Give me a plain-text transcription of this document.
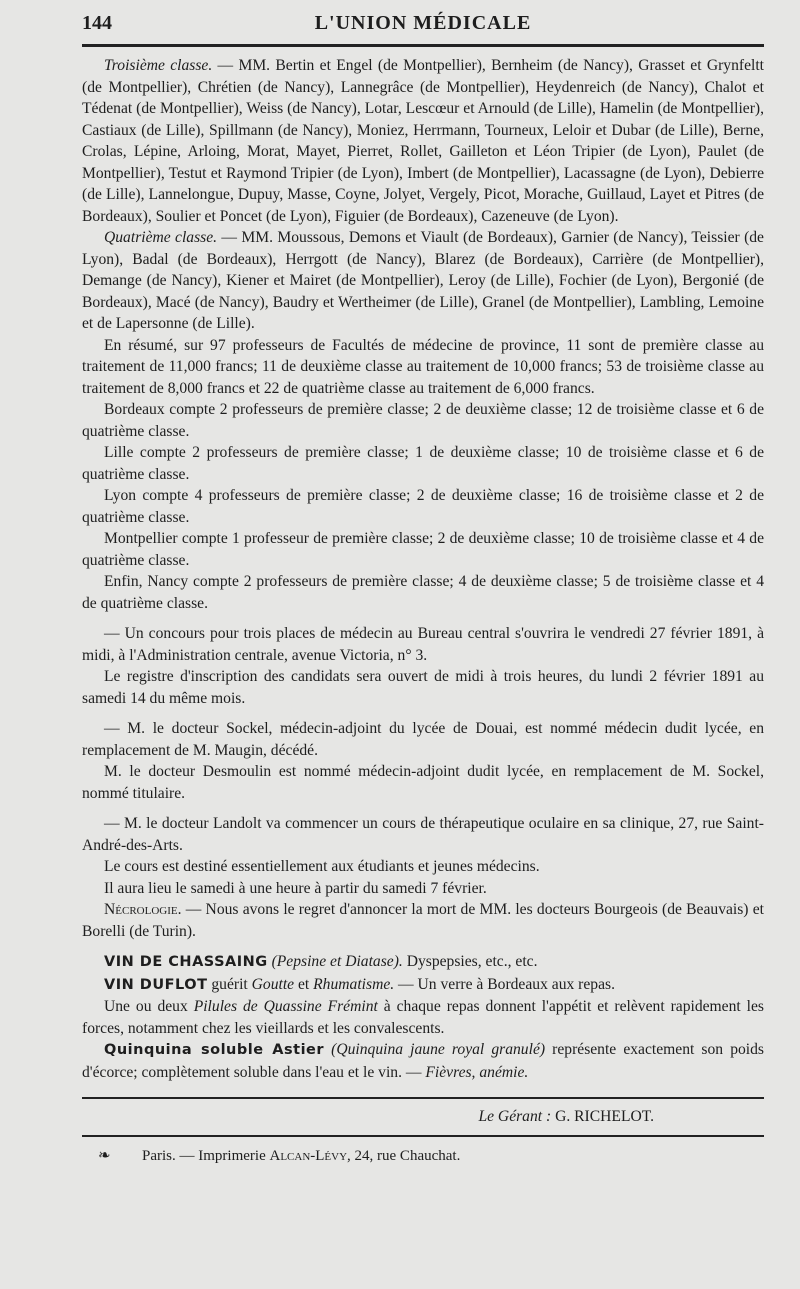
L'UNION MÉDICALE
144

Troisième classe. — MM. Bertin et Engel (de Montpellier), Bernheim (de Nancy), Grasset et Grynfeltt (de Montpellier), Chrétien (de Nancy), Lannegrâce (de Montpellier), Heydenreich (de Nancy), Chalot et Tédenat (de Montpellier), Weiss (de Nancy), Lotar, Lescœur et Arnould (de Lille), Hamelin (de Montpellier), Castiaux (de Lille), Spillmann (de Nancy), Moniez, Herrmann, Tourneux, Leloir et Dubar (de Lille), Berne, Crolas, Lépine, Arloing, Morat, Mayet, Pierret, Rollet, Gailleton et Léon Tripier (de Lyon), Paulet (de Montpellier), Testut et Raymond Tripier (de Lyon), Imbert (de Montpellier), Lacassagne (de Lyon), Debierre (de Lille), Lannelongue, Dupuy, Masse, Coyne, Jolyet, Vergely, Picot, Morache, Guillaud, Layet et Pitres (de Bordeaux), Soulier et Poncet (de Lyon), Figuier (de Bordeaux), Cazeneuve (de Lyon).

Quatrième classe. — MM. Moussous, Demons et Viault (de Bordeaux), Garnier (de Nancy), Teissier (de Lyon), Badal (de Bordeaux), Herrgott (de Nancy), Blarez (de Bordeaux), Carrière (de Montpellier), Demange (de Nancy), Kiener et Mairet (de Montpellier), Leroy (de Lille), Fochier (de Lyon), Bergonié (de Bordeaux), Macé (de Nancy), Baudry et Wertheimer (de Lille), Granel (de Montpellier), Lambling, Lemoine et de Lapersonne (de Lille).

En résumé, sur 97 professeurs de Facultés de médecine de province, 11 sont de première classe au traitement de 11,000 francs; 11 de deuxième classe au traitement de 10,000 francs; 53 de troisième classe au traitement de 8,000 francs et 22 de quatrième classe au traitement de 6,000 francs.

Bordeaux compte 2 professeurs de première classe; 2 de deuxième classe; 12 de troisième classe et 6 de quatrième classe.

Lille compte 2 professeurs de première classe; 1 de deuxième classe; 10 de troisième classe et 6 de quatrième classe.

Lyon compte 4 professeurs de première classe; 2 de deuxième classe; 16 de troisième classe et 2 de quatrième classe.

Montpellier compte 1 professeur de première classe; 2 de deuxième classe; 10 de troisième classe et 4 de quatrième classe.

Enfin, Nancy compte 2 professeurs de première classe; 4 de deuxième classe; 5 de troisième classe et 4 de quatrième classe.

— Un concours pour trois places de médecin au Bureau central s'ouvrira le vendredi 27 février 1891, à midi, à l'Administration centrale, avenue Victoria, n° 3.

Le registre d'inscription des candidats sera ouvert de midi à trois heures, du lundi 2 février 1891 au samedi 14 du même mois.

— M. le docteur Sockel, médecin-adjoint du lycée de Douai, est nommé médecin dudit lycée, en remplacement de M. Maugin, décédé.

M. le docteur Desmoulin est nommé médecin-adjoint dudit lycée, en remplacement de M. Sockel, nommé titulaire.

— M. le docteur Landolt va commencer un cours de thérapeutique oculaire en sa clinique, 27, rue Saint-André-des-Arts.

Le cours est destiné essentiellement aux étudiants et jeunes médecins.

Il aura lieu le samedi à une heure à partir du samedi 7 février.

Nécrologie. — Nous avons le regret d'annoncer la mort de MM. les docteurs Bourgeois (de Beauvais) et Borelli (de Turin).

VIN DE CHASSAING (Pepsine et Diatase). Dyspepsies, etc., etc.

VIN DUFLOT guérit Goutte et Rhumatisme. — Un verre à Bordeaux aux repas.

Une ou deux Pilules de Quassine Frémint à chaque repas donnent l'appétit et relèvent rapidement les forces, notamment chez les vieillards et les convalescents.

Quinquina soluble Astier (Quinquina jaune royal granulé) représente exactement son poids d'écorce; complètement soluble dans l'eau et le vin. — Fièvres, anémie.

Le Gérant : G. RICHELOT.
❧ Paris. — Imprimerie Alcan-Lévy, 24, rue Chauchat.
